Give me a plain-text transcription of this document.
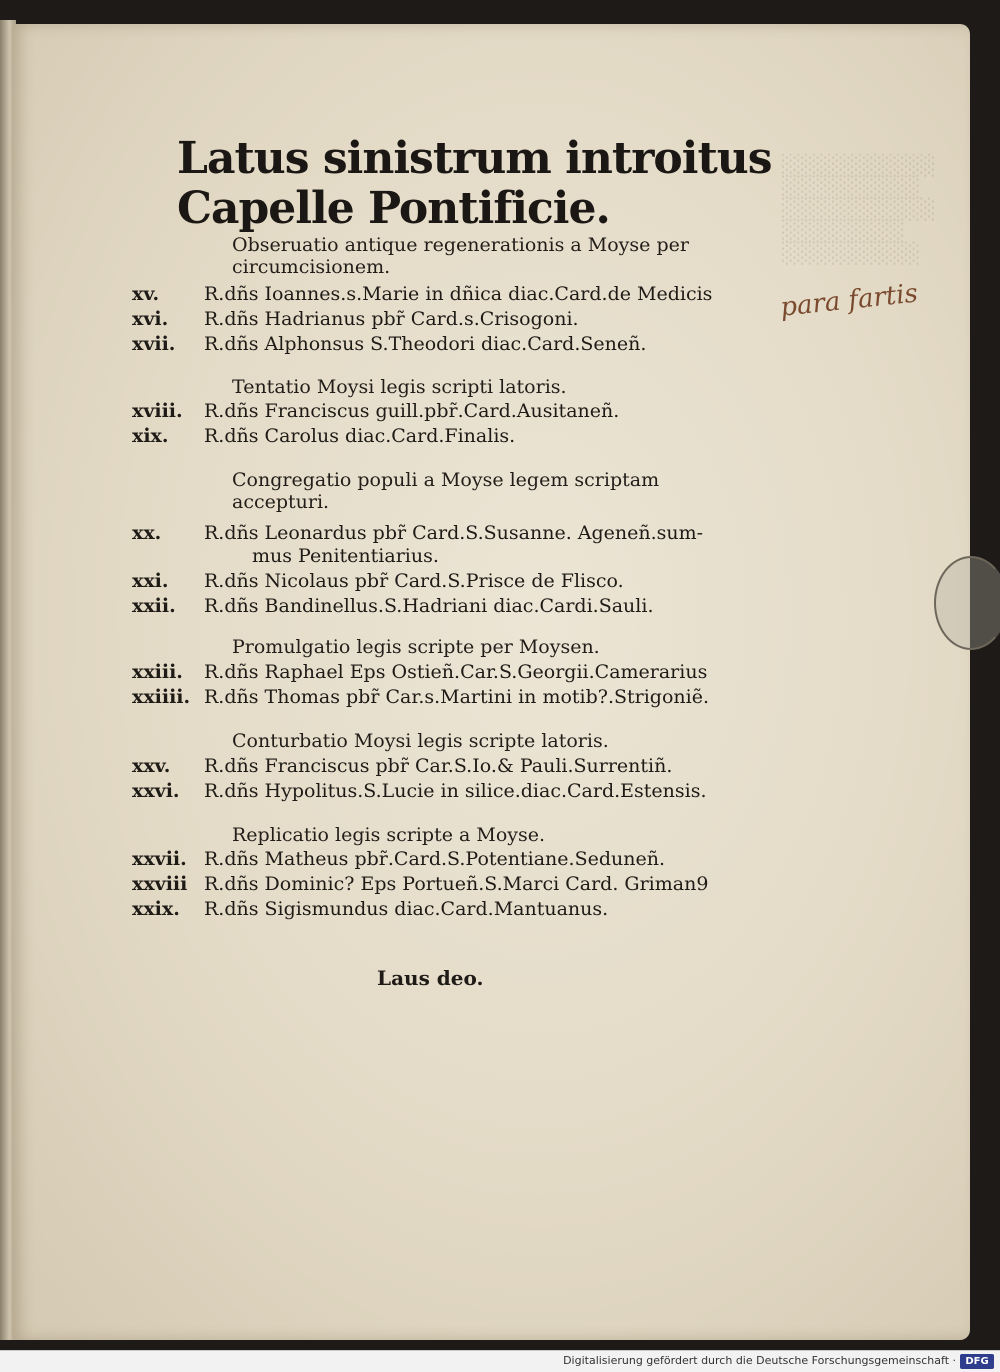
░░░░░░░░░░
░░░░░░░░░
░░░░░░░░░░
░░░░░░░░
░░░░░░░░░
Latus sinistrum introitus Capelle Pontificie.
para fartis
Obseruatio antique regenerationis a Moyse per circumcisionem.
xv.	R.dñs Ioannes.s.Marie in dñica diac.Card.de Medicis
xvi.	R.dñs Hadrianus pbr̃ Card.s.Crisogoni.
xvii.	R.dñs Alphonsus S.Theodori diac.Card.Seneñ.
Tentatio Moysi legis scripti latoris.
xviii.	R.dñs Franciscus guill.pbr̃.Card.Ausitaneñ.
xix.	R.dñs Carolus diac.Card.Finalis.
Congregatio populi a Moyse legem scriptam accepturi.
xx.	R.dñs Leonardus pbr̃ Card.S.Susanne. Ageneñ.sum-
mus Penitentiarius.
xxi.	R.dñs Nicolaus pbr̃ Card.S.Prisce de Flisco.
xxii.	R.dñs Bandinellus.S.Hadriani diac.Cardi.Sauli.
Promulgatio legis scripte per Moysen.
xxiii.	R.dñs Raphael Eps Ostieñ.Car.S.Georgii.Camerarius
xxiiii. R.dñs Thomas pbr̃ Car.s.Martini in motib?.Strigoniẽ.
Conturbatio Moysi legis scripte latoris.
xxv.	R.dñs Franciscus pbr̃ Car.S.Io.& Pauli.Surrentiñ.
xxvi.	R.dñs Hypolitus.S.Lucie in silice.diac.Card.Estensis.
Replicatio legis scripte a Moyse.
xxvii. R.dñs Matheus pbr̃.Card.S.Potentiane.Seduneñ.
xxviii R.dñs Dominic? Eps Portueñ.S.Marci Card. Griman9
xxix.	R.dñs Sigismundus diac.Card.Mantuanus.
Laus deo.
Digitalisierung gefördert durch die Deutsche Forschungsgemeinschaft · DFG
